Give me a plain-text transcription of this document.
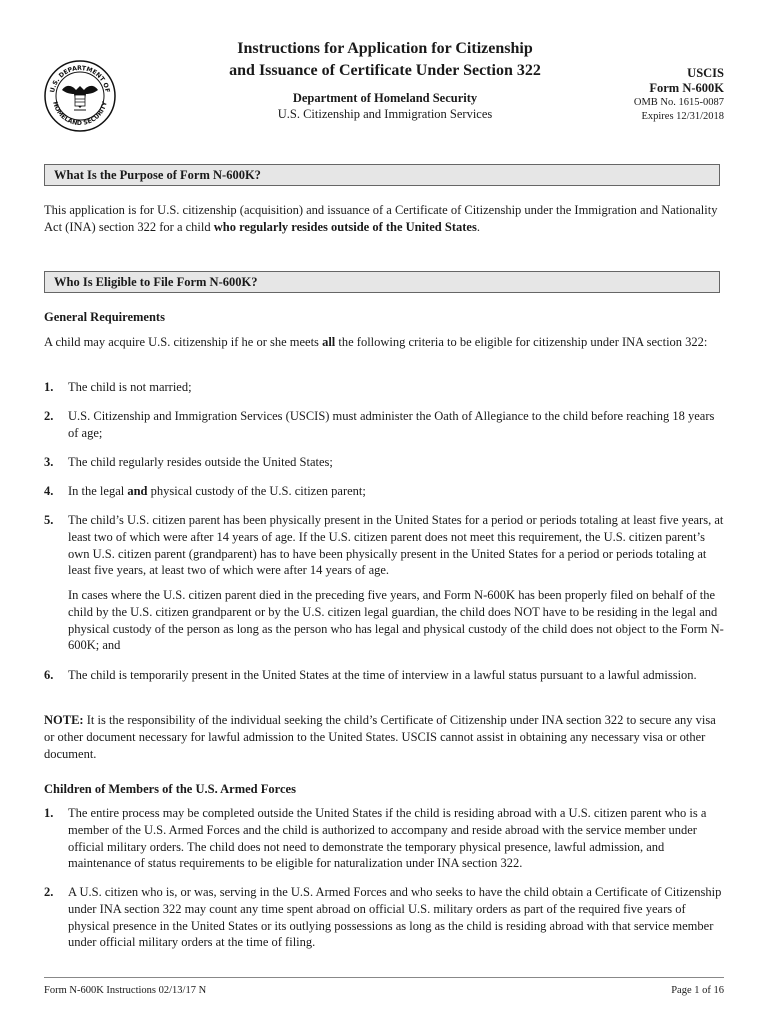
U.S. DEPARTMENT OF
HOMELAND SECURITY

Instructions for Application for Citizenship

and Issuance of Certificate Under Section 322

Department of Homeland Security
U.S. Citizenship and Immigration Services
USCIS
Form N-600K
OMB No. 1615-0087
Expires 12/31/2018
What Is the Purpose of Form N-600K?

This application is for U.S. citizenship (acquisition) and issuance of a Certificate of Citizenship under the Immigration and Nationality Act (INA) section 322 for a child who regularly resides outside of the United States.

Who Is Eligible to File Form N-600K?

General Requirements

A child may acquire U.S. citizenship if he or she meets all the following criteria to be eligible for citizenship under INA section 322:

1. The child is not married;
2. U.S. Citizenship and Immigration Services (USCIS) must administer the Oath of Allegiance to the child before reaching 18 years of age;
3. The child regularly resides outside the United States;
4. In the legal and physical custody of the U.S. citizen parent;
5. The child’s U.S. citizen parent has been physically present in the United States for a period or periods totaling at least five years, at least two of which were after 14 years of age. If the U.S. citizen parent does not meet this requirement, the U.S. citizen parent’s own U.S. citizen parent (grandparent) has to have been physically present in the United States for a period or periods totaling at least five years, at least two of which were after 14 years of age.

In cases where the U.S. citizen parent died in the preceding five years, and Form N-600K has been properly filed on behalf of the child by the U.S. citizen grandparent or by the U.S. citizen legal guardian, the child does NOT have to be residing in the legal and physical custody of the person as long as the person who has legal and physical custody of the child does not object to the Form N-600K; and

6. The child is temporarily present in the United States at the time of interview in a lawful status pursuant to a lawful admission.

NOTE: It is the responsibility of the individual seeking the child’s Certificate of Citizenship under INA section 322 to secure any visa or other document necessary for lawful admission to the United States. USCIS cannot assist in obtaining any necessary visa or other document.

Children of Members of the U.S. Armed Forces

1. The entire process may be completed outside the United States if the child is residing abroad with a U.S. citizen parent who is a member of the U.S. Armed Forces and the child is authorized to accompany and reside abroad with the service member under official military orders. The child does not need to demonstrate the temporary physical presence, lawful admission, and maintenance of status requirements to be eligible for naturalization under INA section 322.
2. A U.S. citizen who is, or was, serving in the U.S. Armed Forces and who seeks to have the child obtain a Certificate of Citizenship under INA section 322 may count any time spent abroad on official U.S. military orders as part of the required five years of physical presence in the United States or its outlying possessions as long as the child is residing abroad with that service member under official military orders at the time of filing.
Form N-600K Instructions 02/13/17 N	Page 1 of 16
